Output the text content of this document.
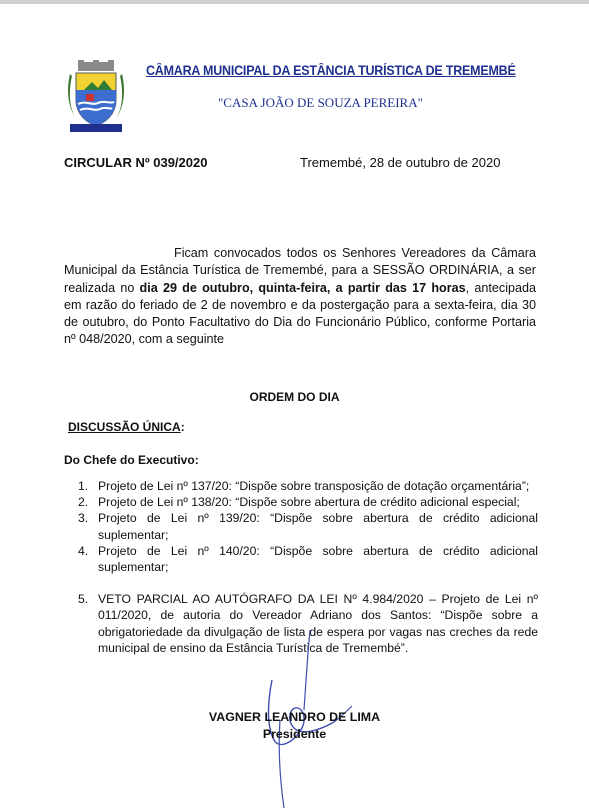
CÂMARA MUNICIPAL DA ESTÂNCIA TURÍSTICA DE TREMEMBÉ
"CASA JOÃO DE SOUZA PEREIRA"
CIRCULAR Nº 039/2020	Tremembé, 28 de outubro de 2020
Ficam convocados todos os Senhores Vereadores da Câmara Municipal da Estância Turística de Tremembé, para a SESSÃO ORDINÁRIA, a ser realizada no dia 29 de outubro, quinta-feira, a partir das 17 horas, antecipada em razão do feriado de 2 de novembro e da postergação para a sexta-feira, dia 30 de outubro, do Ponto Facultativo do Dia do Funcionário Público, conforme Portaria nº 048/2020, com a seguinte
ORDEM DO DIA
DISCUSSÃO ÚNICA:
Do Chefe do Executivo:
1. Projeto de Lei nº 137/20: “Dispõe sobre transposição de dotação orçamentária”;
2. Projeto de Lei nº 138/20: “Dispõe sobre abertura de crédito adicional especial;
3. Projeto de Lei nº 139/20: “Dispõe sobre abertura de crédito adicional suplementar;
4. Projeto de Lei nº 140/20: “Dispõe sobre abertura de crédito adicional suplementar;
5. VETO PARCIAL AO AUTÓGRAFO DA LEI Nº 4.984/2020 – Projeto de Lei nº 011/2020, de autoria do Vereador Adriano dos Santos: “Dispõe sobre a obrigatoriedade da divulgação de lista de espera por vagas nas creches da rede municipal de ensino da Estância Turística de Tremembé”.
VAGNER LEANDRO DE LIMA
Presidente
